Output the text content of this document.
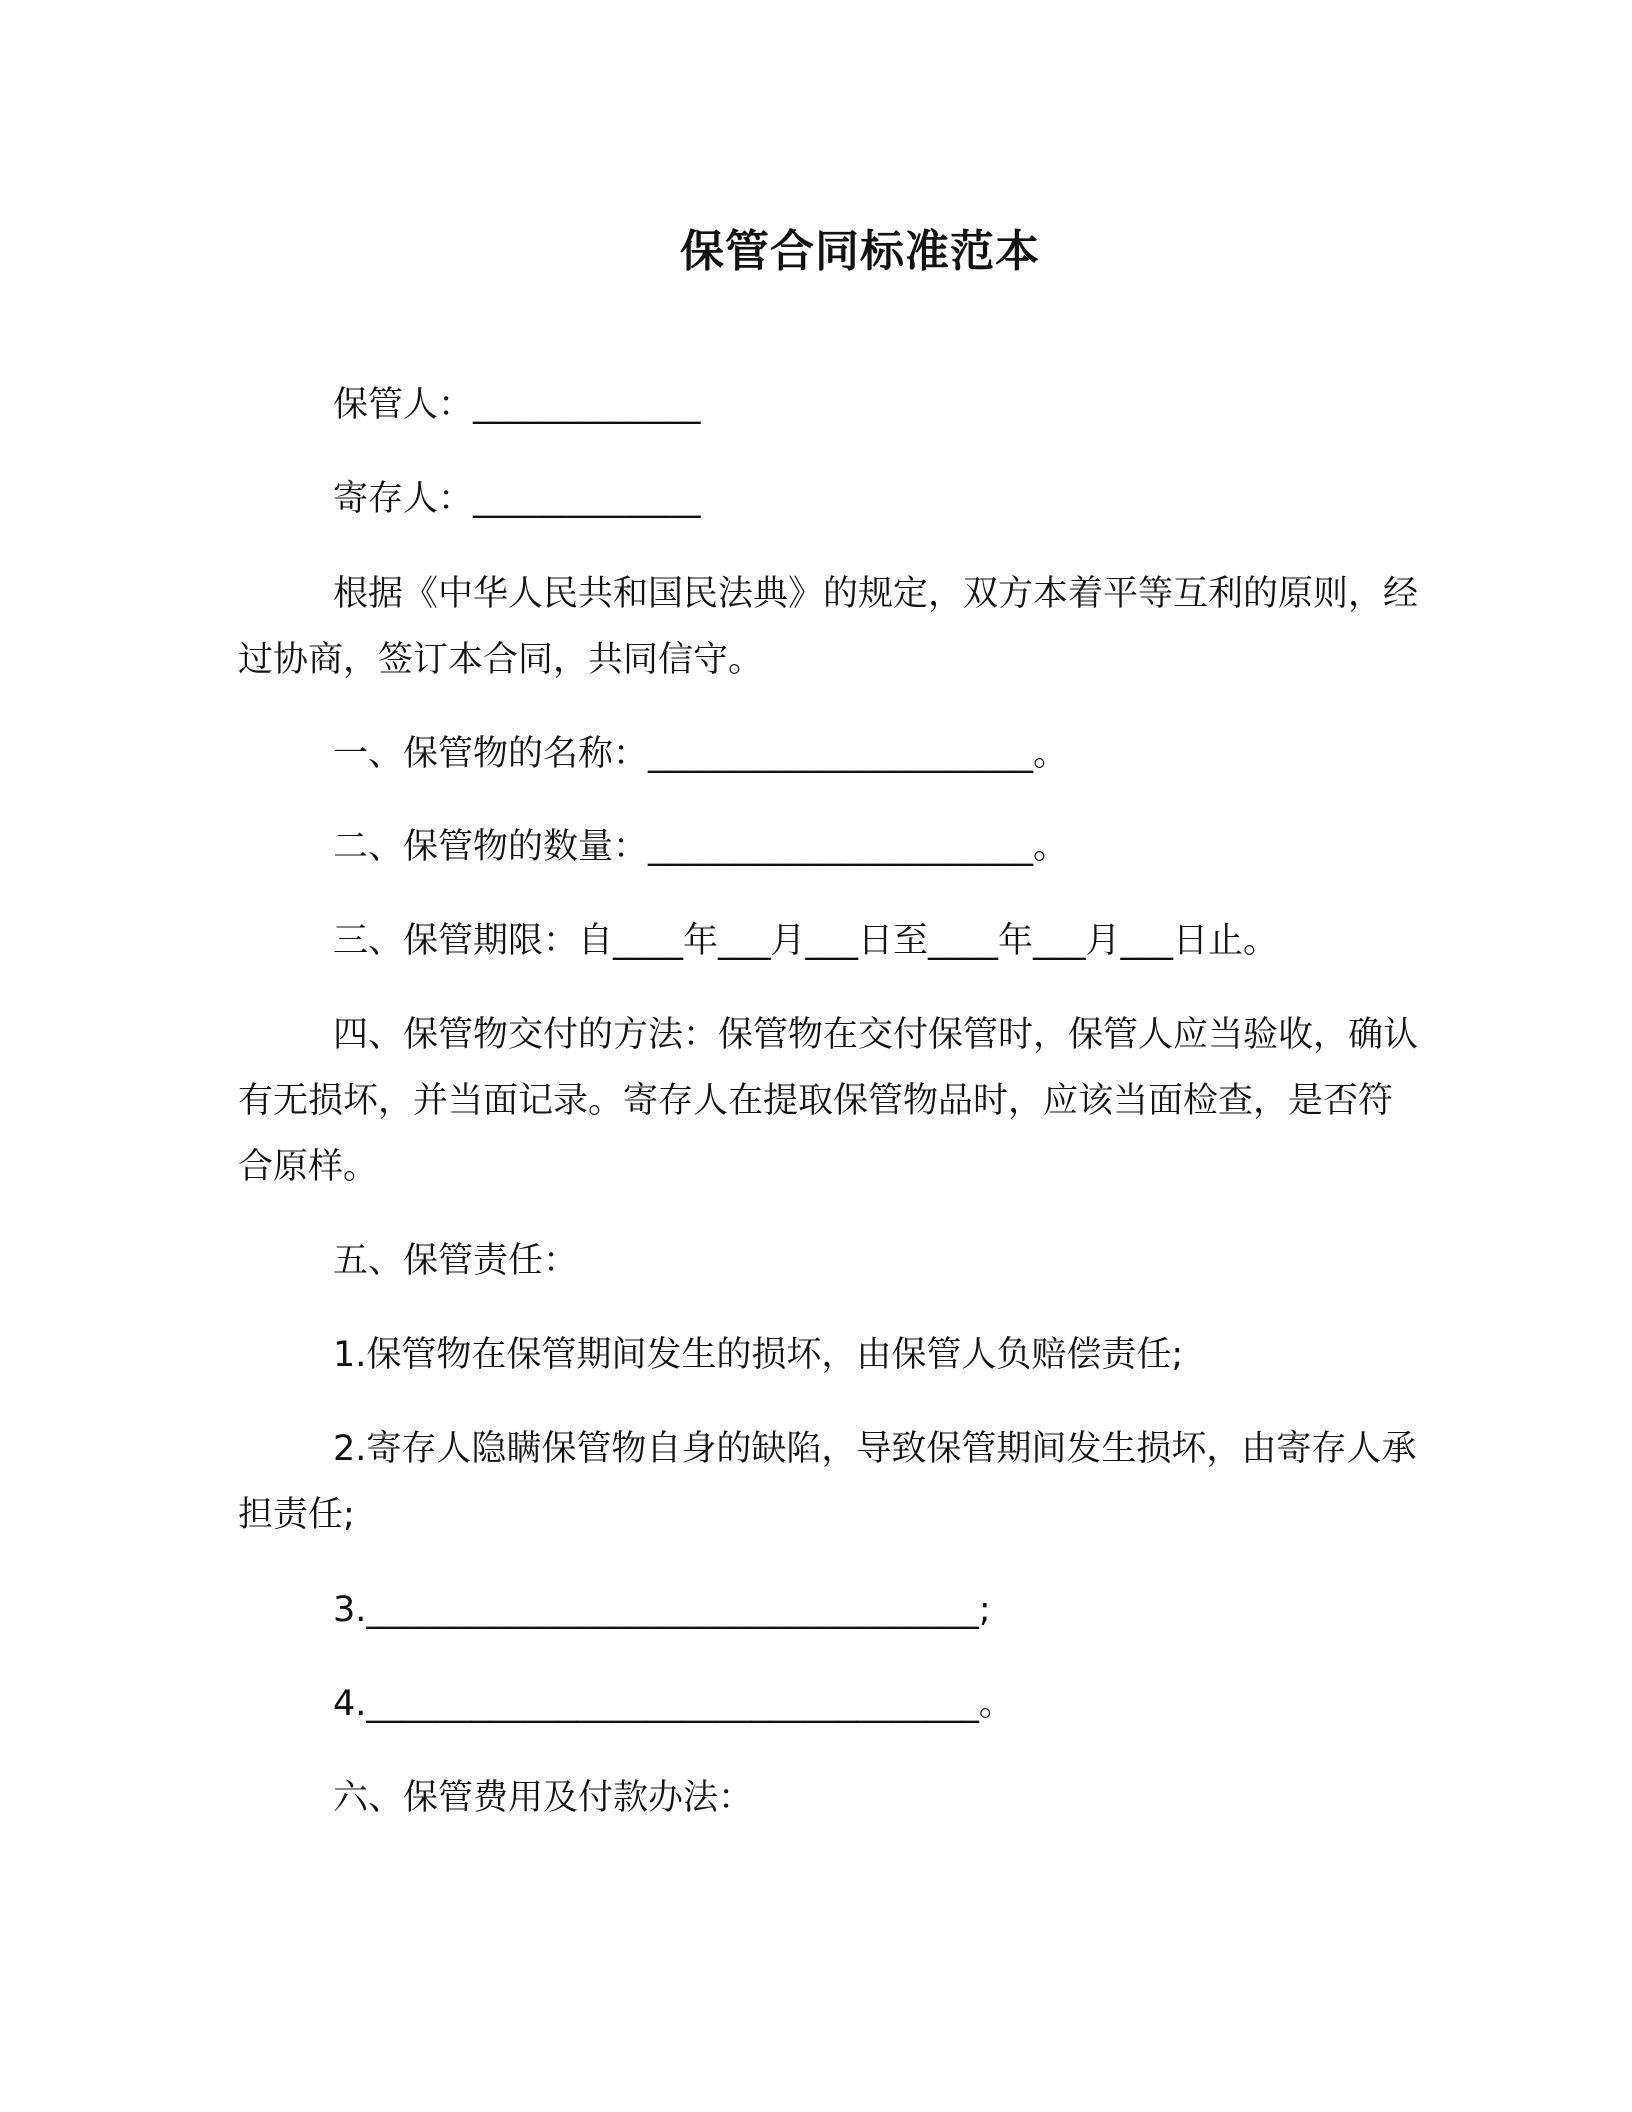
保管合同标准范本
保管人：_____________
寄存人：_____________
根据《中华人民共和国民法典》的规定，双方本着平等互利的原则，经过协商，签订本合同，共同信守。
一、保管物的名称：______________________。
二、保管物的数量：______________________。
三、保管期限：自____年___月___日至____年___月___日止。
四、保管物交付的方法：保管物在交付保管时，保管人应当验收，确认有无损坏，并当面记录。寄存人在提取保管物品时，应该当面检查，是否符合原样。
五、保管责任：
1.保管物在保管期间发生的损坏，由保管人负赔偿责任;
2.寄存人隐瞒保管物自身的缺陷，导致保管期间发生损坏，由寄存人承担责任;
3.___________________________________;
4.___________________________________。
六、保管费用及付款办法：
